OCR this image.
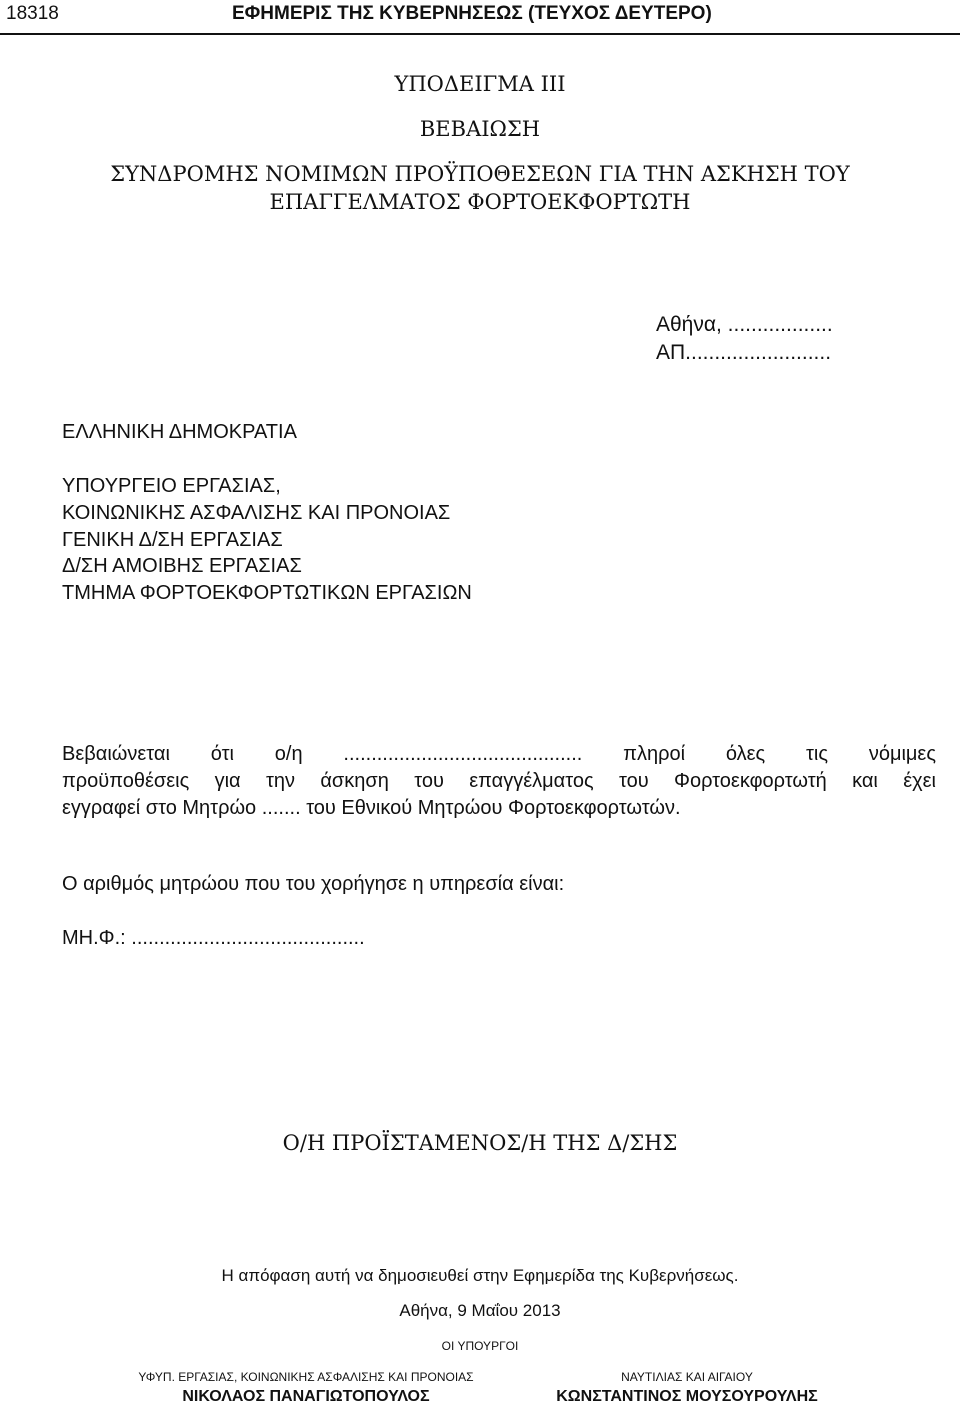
18318	ΕΦΗΜΕΡΙΣ ΤΗΣ ΚΥΒΕΡΝΗΣΕΩΣ (ΤΕΥΧΟΣ ΔΕΥΤΕΡΟ)
ΥΠΟΔΕΙΓΜΑ ΙΙΙ
ΒΕΒΑΙΩΣΗ
ΣΥΝΔΡΟΜΗΣ ΝΟΜΙΜΩΝ ΠΡΟΫΠΟΘΕΣΕΩΝ ΓΙΑ ΤΗΝ ΑΣΚΗΣΗ ΤΟΥ
ΕΠΑΓΓΕΛΜΑΤΟΣ ΦΟΡΤΟΕΚΦΟΡΤΩΤΗ
Αθήνα, ..................
ΑΠ.........................
ΕΛΛΗΝΙΚΗ ΔΗΜΟΚΡΑΤΙΑ
ΥΠΟΥΡΓΕΙΟ ΕΡΓΑΣΙΑΣ,
ΚΟΙΝΩΝΙΚΗΣ ΑΣΦΑΛΙΣΗΣ ΚΑΙ ΠΡΟΝΟΙΑΣ
ΓΕΝΙΚΗ Δ/ΣΗ ΕΡΓΑΣΙΑΣ
Δ/ΣΗ ΑΜΟΙΒΗΣ ΕΡΓΑΣΙΑΣ
ΤΜΗΜΑ ΦΟΡΤΟΕΚΦΟΡΤΩΤΙΚΩΝ ΕΡΓΑΣΙΩΝ
Βεβαιώνεται ότι ο/η ........................................... πληροί όλες τις νόμιμες
προϋποθέσεις για την άσκηση του επαγγέλματος του Φορτοεκφορτωτή και έχει
εγγραφεί στο Μητρώο ....... του Εθνικού Μητρώου Φορτοεκφορτωτών.
Ο αριθμός μητρώου που του χορήγησε η υπηρεσία είναι:
ΜΗ.Φ.: ..........................................
Ο/Η ΠΡΟΪΣΤΑΜΕΝΟΣ/Η ΤΗΣ Δ/ΣΗΣ
Η απόφαση αυτή να δημοσιευθεί στην Εφημερίδα της Κυβερνήσεως.
Αθήνα, 9 Μαΐου 2013
ΟΙ ΥΠΟΥΡΓΟΙ
ΥΦΥΠ. ΕΡΓΑΣΙΑΣ, ΚΟΙΝΩΝΙΚΗΣ ΑΣΦΑΛΙΣΗΣ ΚΑΙ ΠΡΟΝΟΙΑΣ
ΝΙΚΟΛΑΟΣ ΠΑΝΑΓΙΩΤΟΠΟΥΛΟΣ
ΝΑΥΤΙΛΙΑΣ ΚΑΙ ΑΙΓΑΙΟΥ
ΚΩΝΣΤΑΝΤΙΝΟΣ ΜΟΥΣΟΥΡΟΥΛΗΣ
